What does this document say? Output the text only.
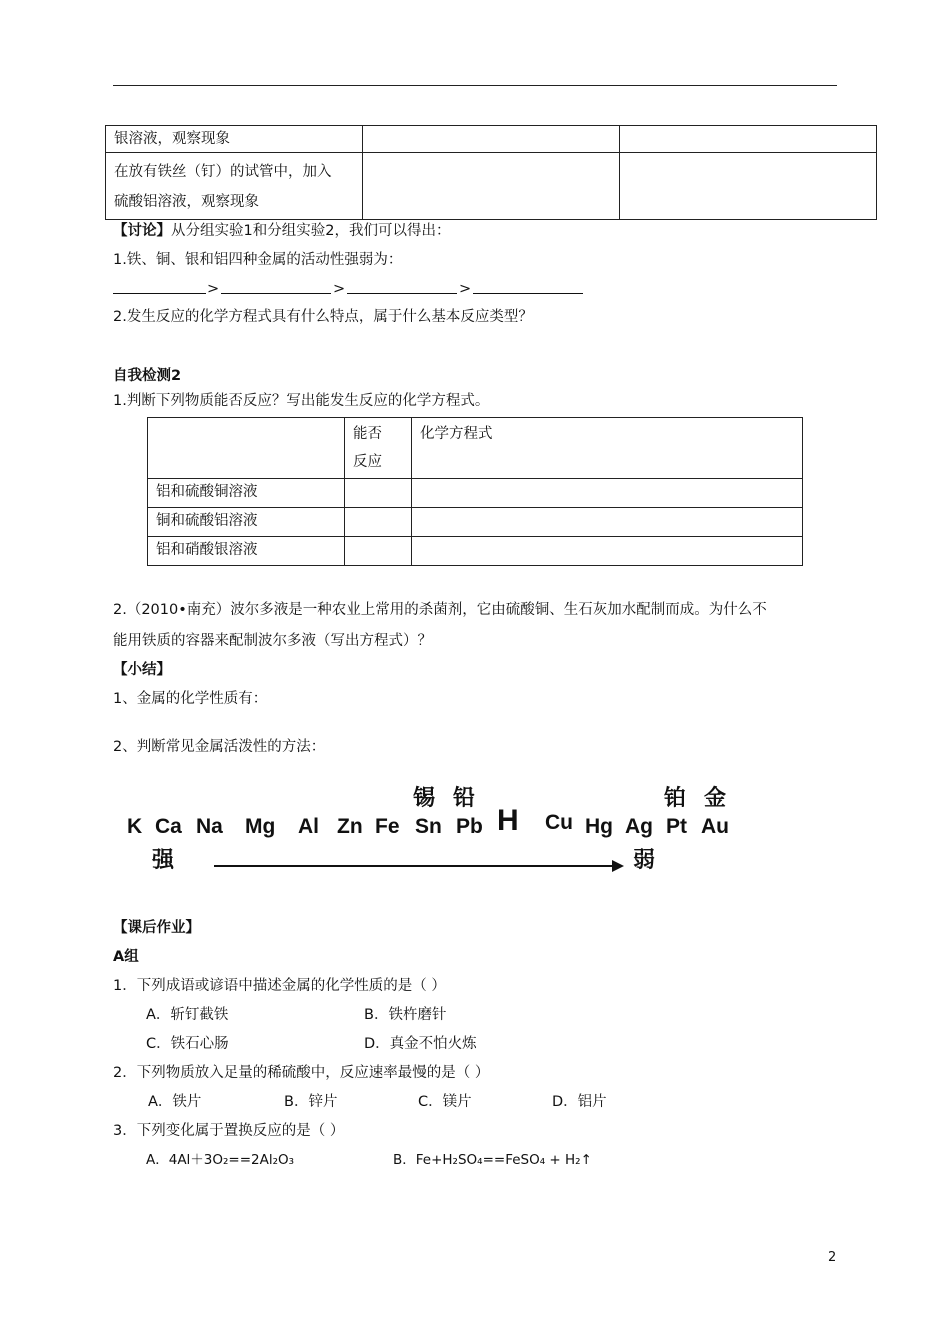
银溶液，观察现象		

在放有铁丝（钉）的试管中，加入
硫酸铝溶液，观察现象		

【讨论】从分组实验1和分组实验2，我们可以得出：
1.铁、铜、银和铝四种金属的活动性强弱为：
>	>	>
2.发生反应的化学方程式具有什么特点，属于什么基本反应类型？
自我检测2
1.判断下列物质能否反应？写出能发生反应的化学方程式。

	能否
反应	化学方程式
铝和硫酸铜溶液		
铜和硫酸铝溶液		
铝和硝酸银溶液		
2.（2010•南充）波尔多液是一种农业上常用的杀菌剂，它由硫酸铜、生石灰加水配制而成。为什么不
能用铁质的容器来配制波尔多液（写出方程式）？
【小结】
1、金属的化学性质有：
2、判断常见金属活泼性的方法：
锡 铅	铂 金
K Ca Na Mg Al Zn Fe Sn Pb H Cu Hg Ag Pt Au
强	弱
【课后作业】
A组
1．下列成语或谚语中描述金属的化学性质的是（ ）
A．斩钉截铁	B．铁杵磨针
C．铁石心肠	D．真金不怕火炼
2．下列物质放入足量的稀硫酸中，反应速率最慢的是（ ）
A．铁片	B．锌片	C．镁片	D．铝片
3．下列变化属于置换反应的是（ ）
A．4Al＋3O₂==2Al₂O₃	B．Fe+H₂SO₄==FeSO₄ + H₂↑
2
